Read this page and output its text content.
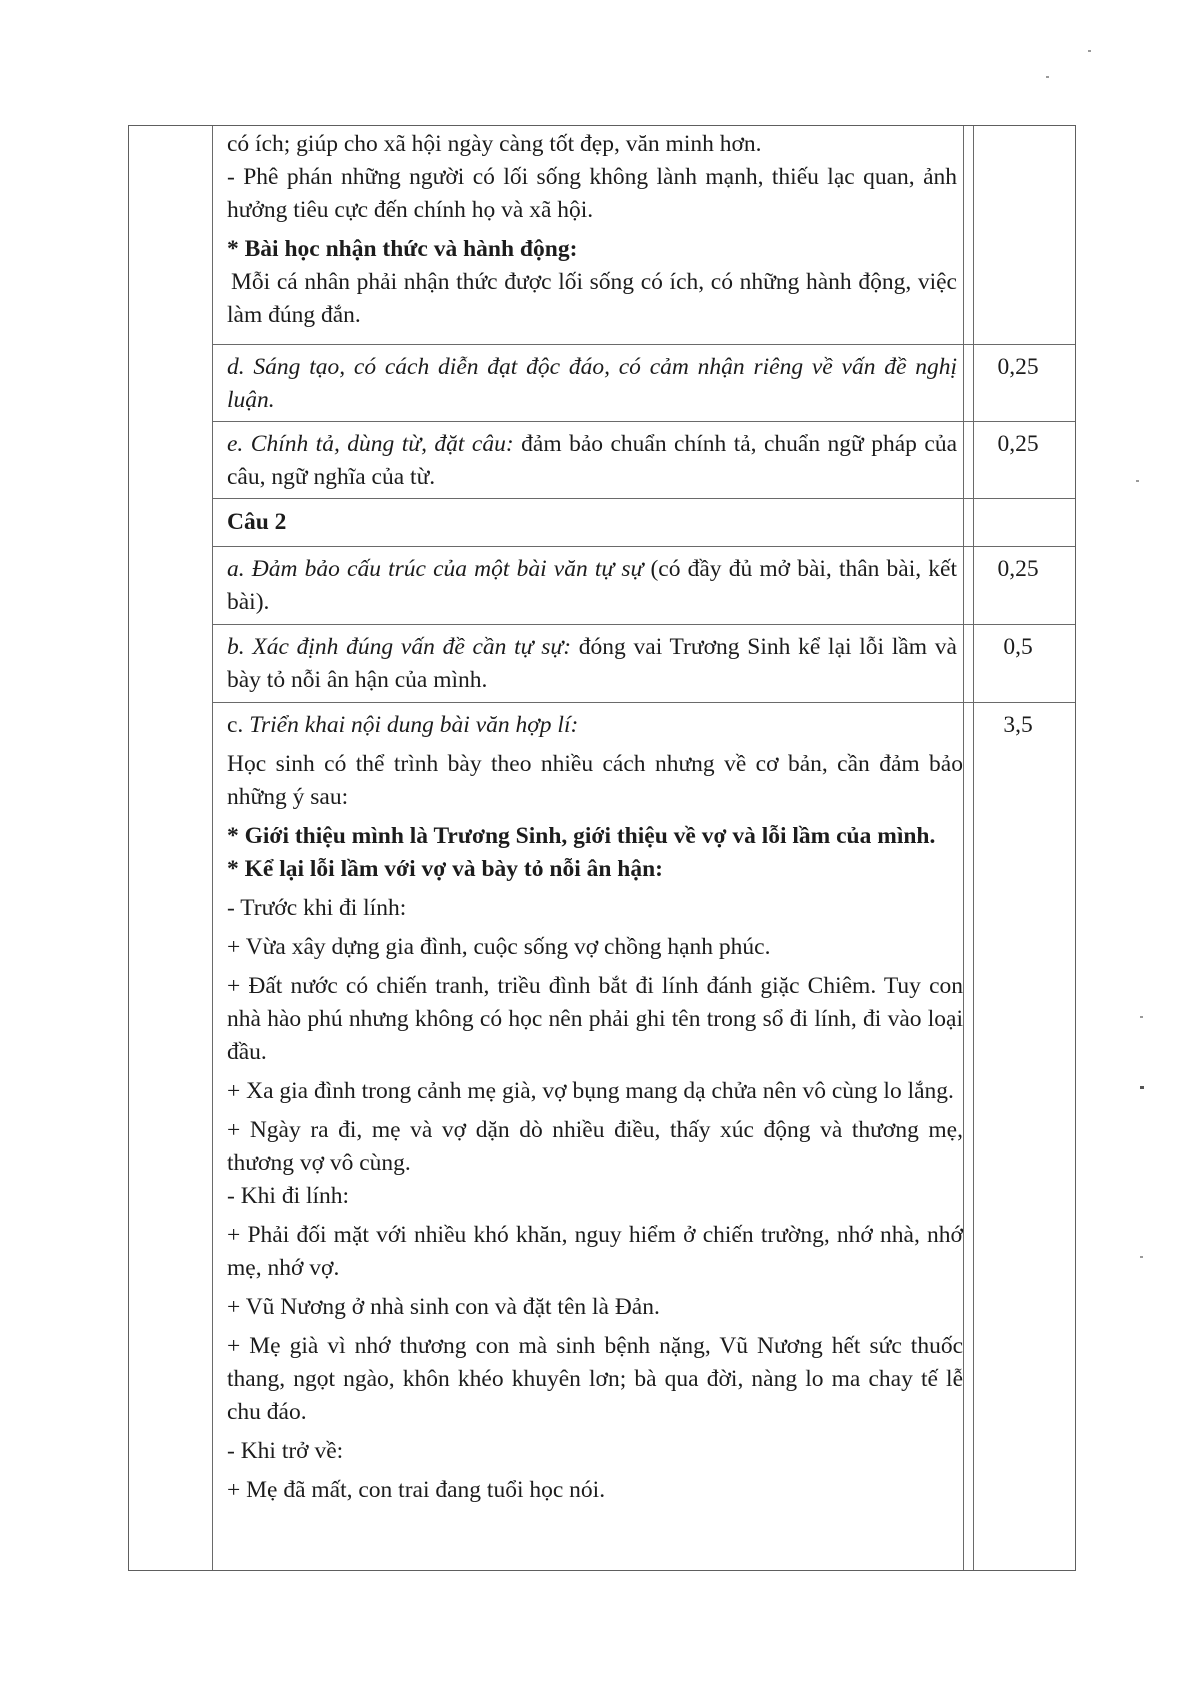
có ích; giúp cho xã hội ngày càng tốt đẹp, văn minh hơn.

- Phê phán những người có lối sống không lành mạnh, thiếu lạc quan, ảnh hưởng tiêu cực đến chính họ và xã hội.

* Bài học nhận thức và hành động:

Mỗi cá nhân phải nhận thức được lối sống có ích, có những hành động, việc làm đúng đắn.

d. Sáng tạo, có cách diễn đạt độc đáo, có cảm nhận riêng về vấn đề nghị luận.

0,25

e. Chính tả, dùng từ, đặt câu: đảm bảo chuẩn chính tả, chuẩn ngữ pháp của câu, ngữ nghĩa của từ.

0,25

Câu 2

a. Đảm bảo cấu trúc của một bài văn tự sự (có đầy đủ mở bài, thân bài, kết bài).

0,25

b. Xác định đúng vấn đề cần tự sự: đóng vai Trương Sinh kể lại lỗi lầm và bày tỏ nỗi ân hận của mình.

0,5

c. Triển khai nội dung bài văn hợp lí:

Học sinh có thể trình bày theo nhiều cách nhưng về cơ bản, cần đảm bảo những ý sau:

* Giới thiệu mình là Trương Sinh, giới thiệu về vợ và lỗi lầm của mình.

* Kể lại lỗi lầm với vợ và bày tỏ nỗi ân hận:

- Trước khi đi lính:

+ Vừa xây dựng gia đình, cuộc sống vợ chồng hạnh phúc.

+ Đất nước có chiến tranh, triều đình bắt đi lính đánh giặc Chiêm. Tuy con nhà hào phú nhưng không có học nên phải ghi tên trong sổ đi lính, đi vào loại đầu.

+ Xa gia đình trong cảnh mẹ già, vợ bụng mang dạ chửa nên vô cùng lo lắng.

+ Ngày ra đi, mẹ và vợ dặn dò nhiều điều, thấy xúc động và thương mẹ, thương vợ vô cùng.

- Khi đi lính:

+ Phải đối mặt với nhiều khó khăn, nguy hiểm ở chiến trường, nhớ nhà, nhớ mẹ, nhớ vợ.

+ Vũ Nương ở nhà sinh con và đặt tên là Đản.

+ Mẹ già vì nhớ thương con mà sinh bệnh nặng, Vũ Nương hết sức thuốc thang, ngọt ngào, khôn khéo khuyên lơn; bà qua đời, nàng lo ma chay tế lễ chu đáo.

- Khi trở về:

+ Mẹ đã mất, con trai đang tuổi học nói.

3,5
